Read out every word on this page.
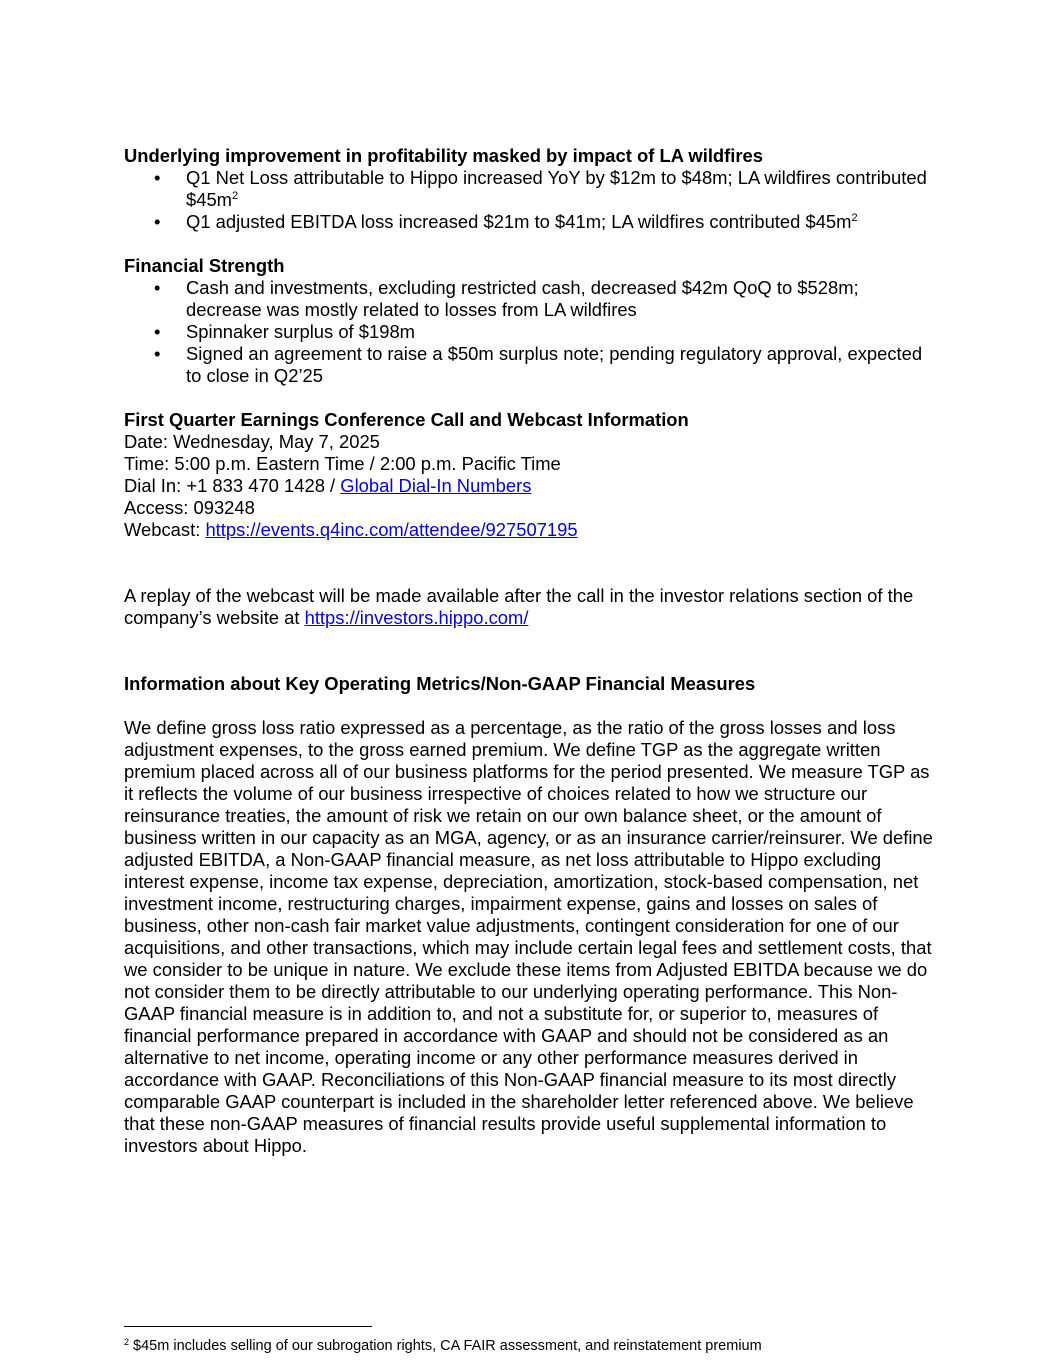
Underlying improvement in profitability masked by impact of LA wildfires

• Q1 Net Loss attributable to Hippo increased YoY by $12m to $48m; LA wildfires contributed $\$45m^2$
• Q1 adjusted EBITDA loss increased $21m to $41m; LA wildfires contributed $\$45m^2$

Financial Strength

• Cash and investments, excluding restricted cash, decreased $42m QoQ to $528m; decrease was mostly related to losses from LA wildfires
• Spinnaker surplus of $198m
• Signed an agreement to raise a $50m surplus note; pending regulatory approval, expected to close in Q2’25

First Quarter Earnings Conference Call and Webcast Information

Date: Wednesday, May 7, 2025

Time: 5:00 p.m. Eastern Time / 2:00 p.m. Pacific Time

Dial In: +1 833 470 1428 / Global Dial-In Numbers

Access: 093248

Webcast: https://events.q4inc.com/attendee/927507195

A replay of the webcast will be made available after the call in the investor relations section of the company’s website at https://investors.hippo.com/

Information about Key Operating Metrics/Non-GAAP Financial Measures

We define gross loss ratio expressed as a percentage, as the ratio of the gross losses and loss adjustment expenses, to the gross earned premium. We define TGP as the aggregate written premium placed across all of our business platforms for the period presented. We measure TGP as it reflects the volume of our business irrespective of choices related to how we structure our reinsurance treaties, the amount of risk we retain on our own balance sheet, or the amount of business written in our capacity as an MGA, agency, or as an insurance carrier/reinsurer. We define adjusted EBITDA, a Non-GAAP financial measure, as net loss attributable to Hippo excluding interest expense, income tax expense, depreciation, amortization, stock-based compensation, net investment income, restructuring charges, impairment expense, gains and losses on sales of business, other non-cash fair market value adjustments, contingent consideration for one of our acquisitions, and other transactions, which may include certain legal fees and settlement costs, that we consider to be unique in nature. We exclude these items from Adjusted EBITDA because we do not consider them to be directly attributable to our underlying operating performance. This Non-GAAP financial measure is in addition to, and not a substitute for, or superior to, measures of financial performance prepared in accordance with GAAP and should not be considered as an alternative to net income, operating income or any other performance measures derived in accordance with GAAP. Reconciliations of this Non-GAAP financial measure to its most directly comparable GAAP counterpart is included in the shareholder letter referenced above. We believe that these non-GAAP measures of financial results provide useful supplemental information to investors about Hippo.

$^2$ $45m includes selling of our subrogation rights, CA FAIR assessment, and reinstatement premium
